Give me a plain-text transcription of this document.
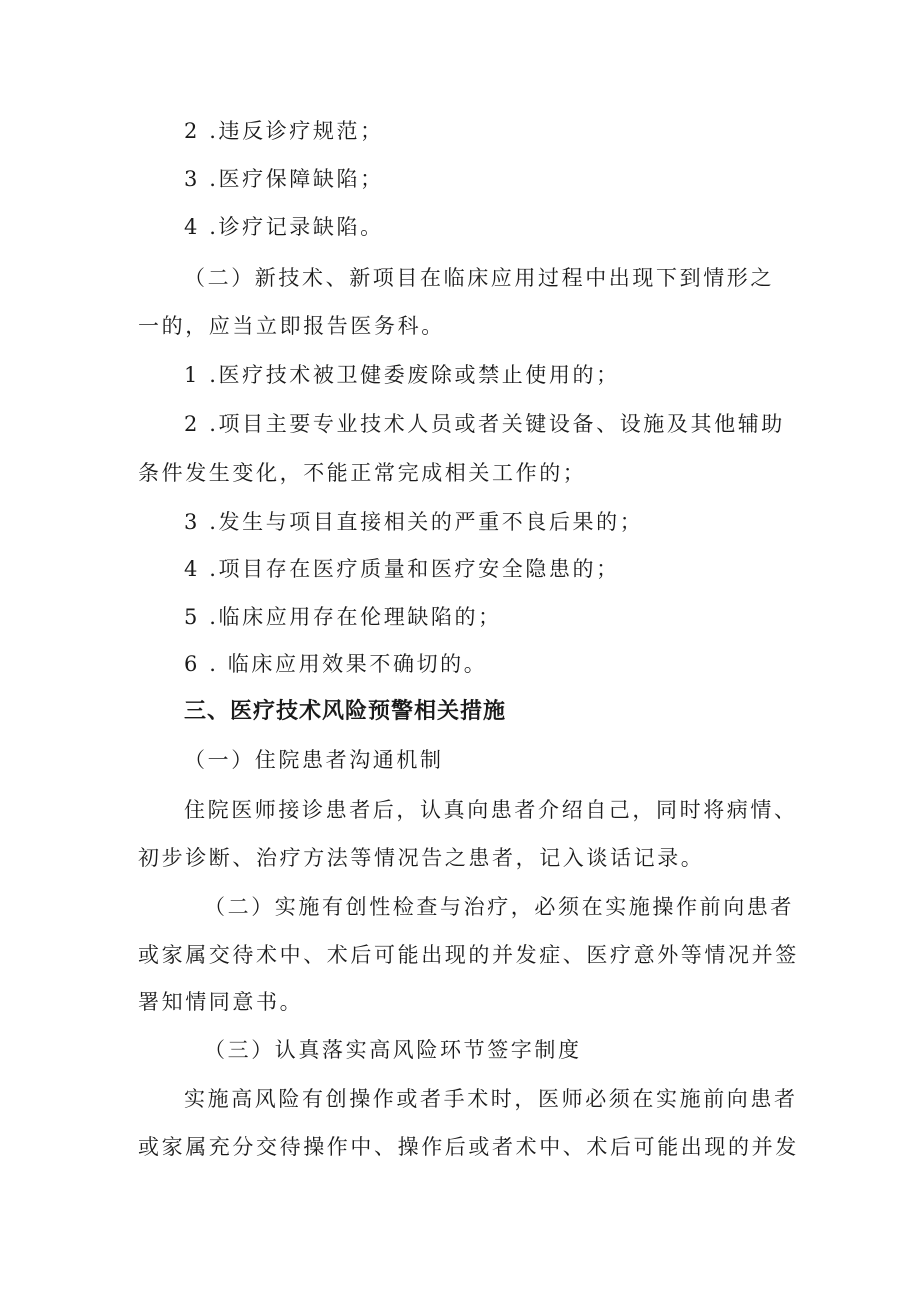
2 .违反诊疗规范；
3 .医疗保障缺陷；
4 .诊疗记录缺陷。
（二）新技术、新项目在临床应用过程中出现下到情形之
一的，应当立即报告医务科。
1 .医疗技术被卫健委废除或禁止使用的；
2 .项目主要专业技术人员或者关键设备、设施及其他辅助
条件发生变化，不能正常完成相关工作的；
3 .发生与项目直接相关的严重不良后果的；
4 .项目存在医疗质量和医疗安全隐患的；
5 .临床应用存在伦理缺陷的；
6 . 临床应用效果不确切的。
三、医疗技术风险预警相关措施
（一）住院患者沟通机制
住院医师接诊患者后，认真向患者介绍自己，同时将病情、
初步诊断、治疗方法等情况告之患者，记入谈话记录。
（二）实施有创性检查与治疗，必须在实施操作前向患者
或家属交待术中、术后可能出现的并发症、医疗意外等情况并签
署知情同意书。
（三）认真落实高风险环节签字制度
实施高风险有创操作或者手术时，医师必须在实施前向患者
或家属充分交待操作中、操作后或者术中、术后可能出现的并发
